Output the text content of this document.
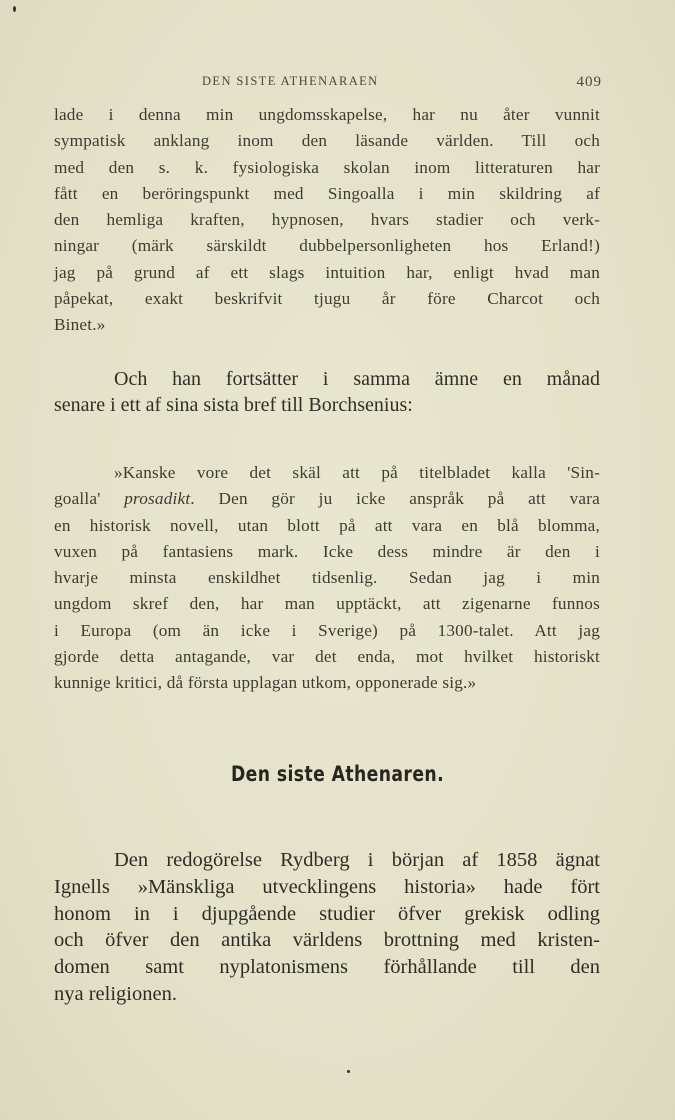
DEN SISTE ATHENARAEN	409
lade i denna min ungdomsskapelse, har nu åter vunnit
sympatisk anklang inom den läsande världen. Till och
med den s. k. fysiologiska skolan inom litteraturen har
fått en beröringspunkt med Singoalla i min skildring af
den hemliga kraften, hypnosen, hvars stadier och verk-
ningar (märk särskildt dubbelpersonligheten hos Erland!)
jag på grund af ett slags intuition har, enligt hvad man
påpekat, exakt beskrifvit tjugu år före Charcot och
Binet.»
Och han fortsätter i samma ämne en månad
senare i ett af sina sista bref till Borchsenius:
»Kanske vore det skäl att på titelbladet kalla 'Sin-
goalla' prosadikt. Den gör ju icke anspråk på att vara
en historisk novell, utan blott på att vara en blå blomma,
vuxen på fantasiens mark. Icke dess mindre är den i
hvarje minsta enskildhet tidsenlig. Sedan jag i min
ungdom skref den, har man upptäckt, att zigenarne funnos
i Europa (om än icke i Sverige) på 1300-talet. Att jag
gjorde detta antagande, var det enda, mot hvilket historiskt
kunnige kritici, då första upplagan utkom, opponerade sig.»
Den siste Athenaren.
Den redogörelse Rydberg i början af 1858 ägnat
Ignells »Mänskliga utvecklingens historia» hade fört
honom in i djupgående studier öfver grekisk odling
och öfver den antika världens brottning med kristen-
domen samt nyplatonismens förhållande till den
nya religionen.
